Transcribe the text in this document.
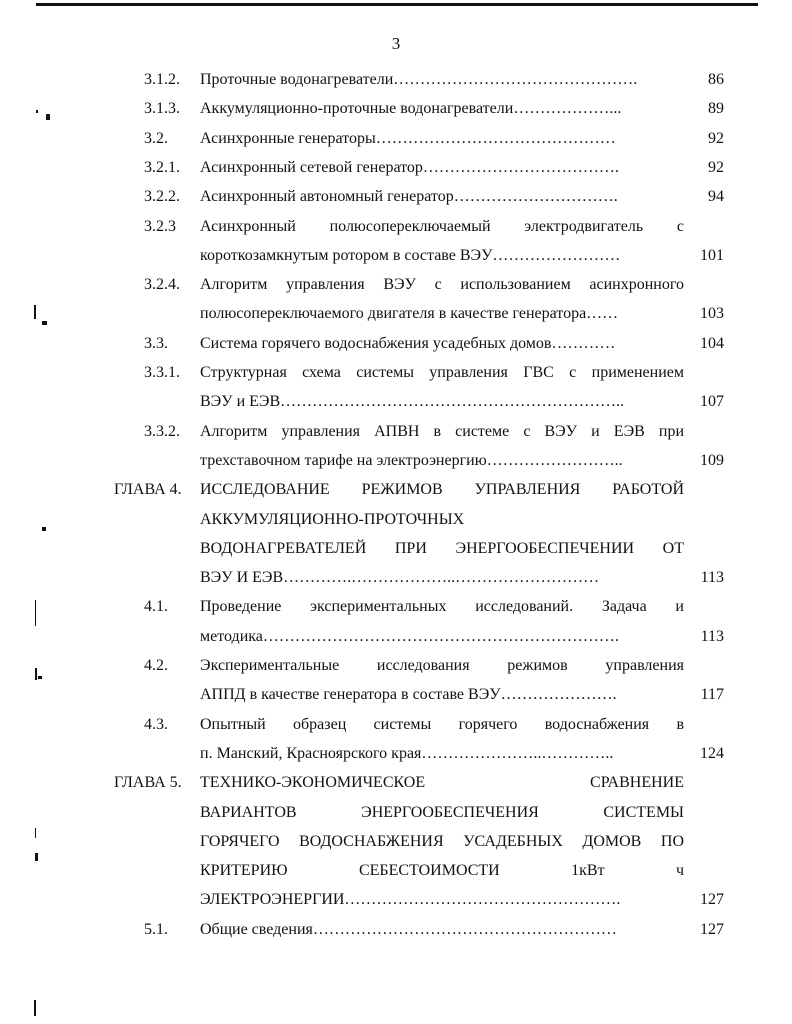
3
3.1.2. Проточные водонагреватели……………………………………….	86
3.1.3. Аккумуляционно-проточные водонагреватели………………...	89
3.2. Асинхронные генераторы………………………………………	92
3.2.1. Асинхронный сетевой генератор……………………………….	92
3.2.2. Асинхронный автономный генератор………………………….	94
3.2.3 Асинхронный полюсопереключаемый электродвигатель с
короткозамкнутым ротором в составе ВЭУ……………………	101
3.2.4. Алгоритм управления ВЭУ с использованием асинхронного
полюсопереключаемого двигателя в качестве генератора……	103
3.3. Система горячего водоснабжения усадебных домов…………	104
3.3.1. Структурная схема системы управления ГВС с применением
ВЭУ и ЕЭВ………………………………………………………..	107
3.3.2. Алгоритм управления АПВН в системе с ВЭУ и ЕЭВ при
трехставочном тарифе на электроэнергию……………………..	109
ГЛАВА 4. ИССЛЕДОВАНИЕ РЕЖИМОВ УПРАВЛЕНИЯ РАБОТОЙ
АККУМУЛЯЦИОННО-ПРОТОЧНЫХ
ВОДОНАГРЕВАТЕЛЕЙ ПРИ ЭНЕРГООБЕСПЕЧЕНИИ ОТ
ВЭУ И ЕЭВ………….………………..………………………	113
4.1. Проведение экспериментальных исследований. Задача и
методика………………………………………………………….	113
4.2. Экспериментальные исследования режимов управления
АППД в качестве генератора в составе ВЭУ………………….	117
4.3. Опытный образец системы горячего водоснабжения в
п. Манский, Красноярского края…………………..…………..	124
ГЛАВА 5. ТЕХНИКО-ЭКОНОМИЧЕСКОЕ СРАВНЕНИЕ
ВАРИАНТОВ ЭНЕРГООБЕСПЕЧЕНИЯ СИСТЕМЫ
ГОРЯЧЕГО ВОДОСНАБЖЕНИЯ УСАДЕБНЫХ ДОМОВ ПО
КРИТЕРИЮ СЕБЕСТОИМОСТИ 1кВт ч
ЭЛЕКТРОЭНЕРГИИ…………………………………………….	127
5.1. Общие сведения…………………………………………………	127
